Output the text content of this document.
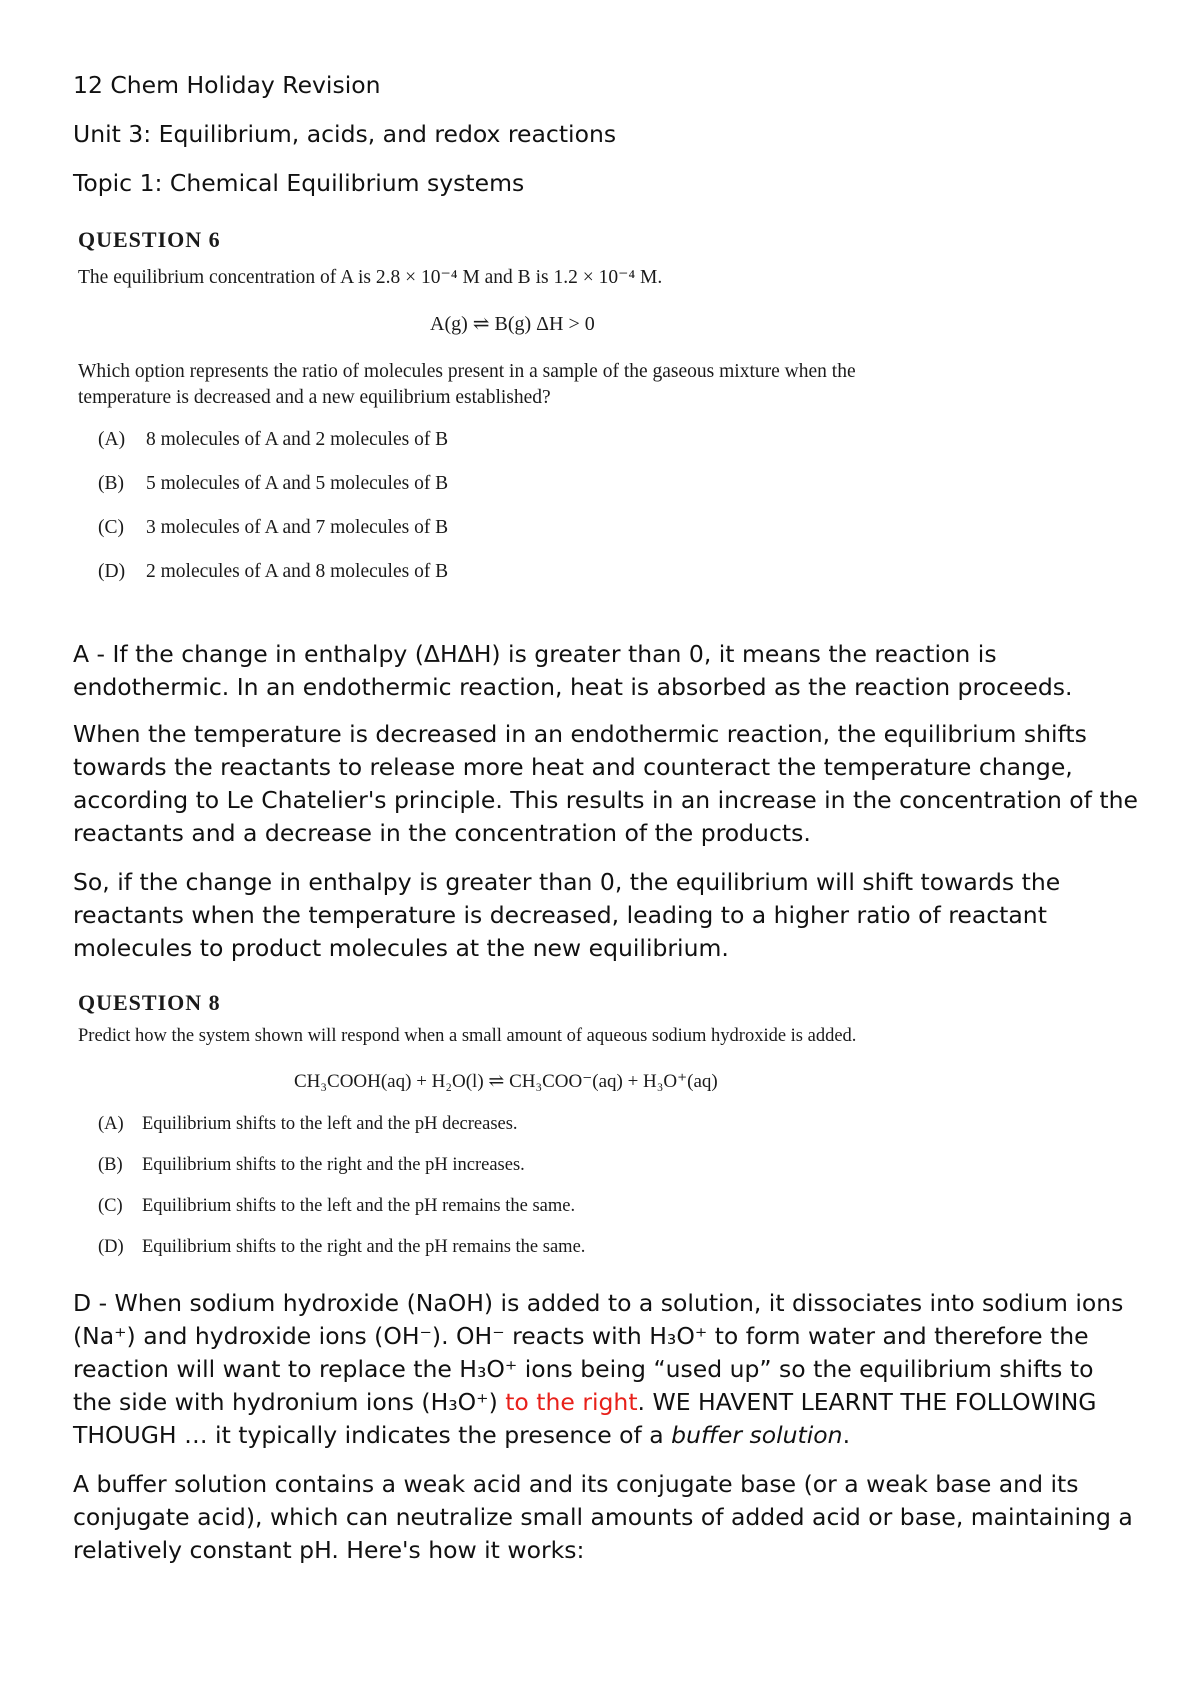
12 Chem Holiday Revision

Unit 3: Equilibrium, acids, and redox reactions

Topic 1: Chemical Equilibrium systems

QUESTION 6
The equilibrium concentration of A is 2.8 × 10⁻⁴ M and B is 1.2 × 10⁻⁴ M.
A(g) ⇌ B(g) ΔH > 0
Which option represents the ratio of molecules present in a sample of the gaseous mixture when the
temperature is decreased and a new equilibrium established?
(A) 8 molecules of A and 2 molecules of B
(B) 5 molecules of A and 5 molecules of B
(C) 3 molecules of A and 7 molecules of B
(D) 2 molecules of A and 8 molecules of B

A - If the change in enthalpy (ΔHΔH) is greater than 0, it means the reaction is endothermic. In an endothermic reaction, heat is absorbed as the reaction proceeds.

When the temperature is decreased in an endothermic reaction, the equilibrium shifts towards the reactants to release more heat and counteract the temperature change, according to Le Chatelier's principle. This results in an increase in the concentration of the reactants and a decrease in the concentration of the products.

So, if the change in enthalpy is greater than 0, the equilibrium will shift towards the reactants when the temperature is decreased, leading to a higher ratio of reactant molecules to product molecules at the new equilibrium.

QUESTION 8
Predict how the system shown will respond when a small amount of aqueous sodium hydroxide is added.
CH₃COOH(aq) + H₂O(l) ⇌ CH₃COO⁻(aq) + H₃O⁺(aq)
(A) Equilibrium shifts to the left and the pH decreases.
(B) Equilibrium shifts to the right and the pH increases.
(C) Equilibrium shifts to the left and the pH remains the same.
(D) Equilibrium shifts to the right and the pH remains the same.

D - When sodium hydroxide (NaOH) is added to a solution, it dissociates into sodium ions (Na⁺) and hydroxide ions (OH⁻). OH⁻ reacts with H₃O⁺ to form water and therefore the reaction will want to replace the H₃O⁺ ions being “used up” so the equilibrium shifts to the side with hydronium ions (H₃O⁺) to the right. WE HAVENT LEARNT THE FOLLOWING THOUGH … it typically indicates the presence of a buffer solution.

A buffer solution contains a weak acid and its conjugate base (or a weak base and its conjugate acid), which can neutralize small amounts of added acid or base, maintaining a relatively constant pH. Here's how it works:
